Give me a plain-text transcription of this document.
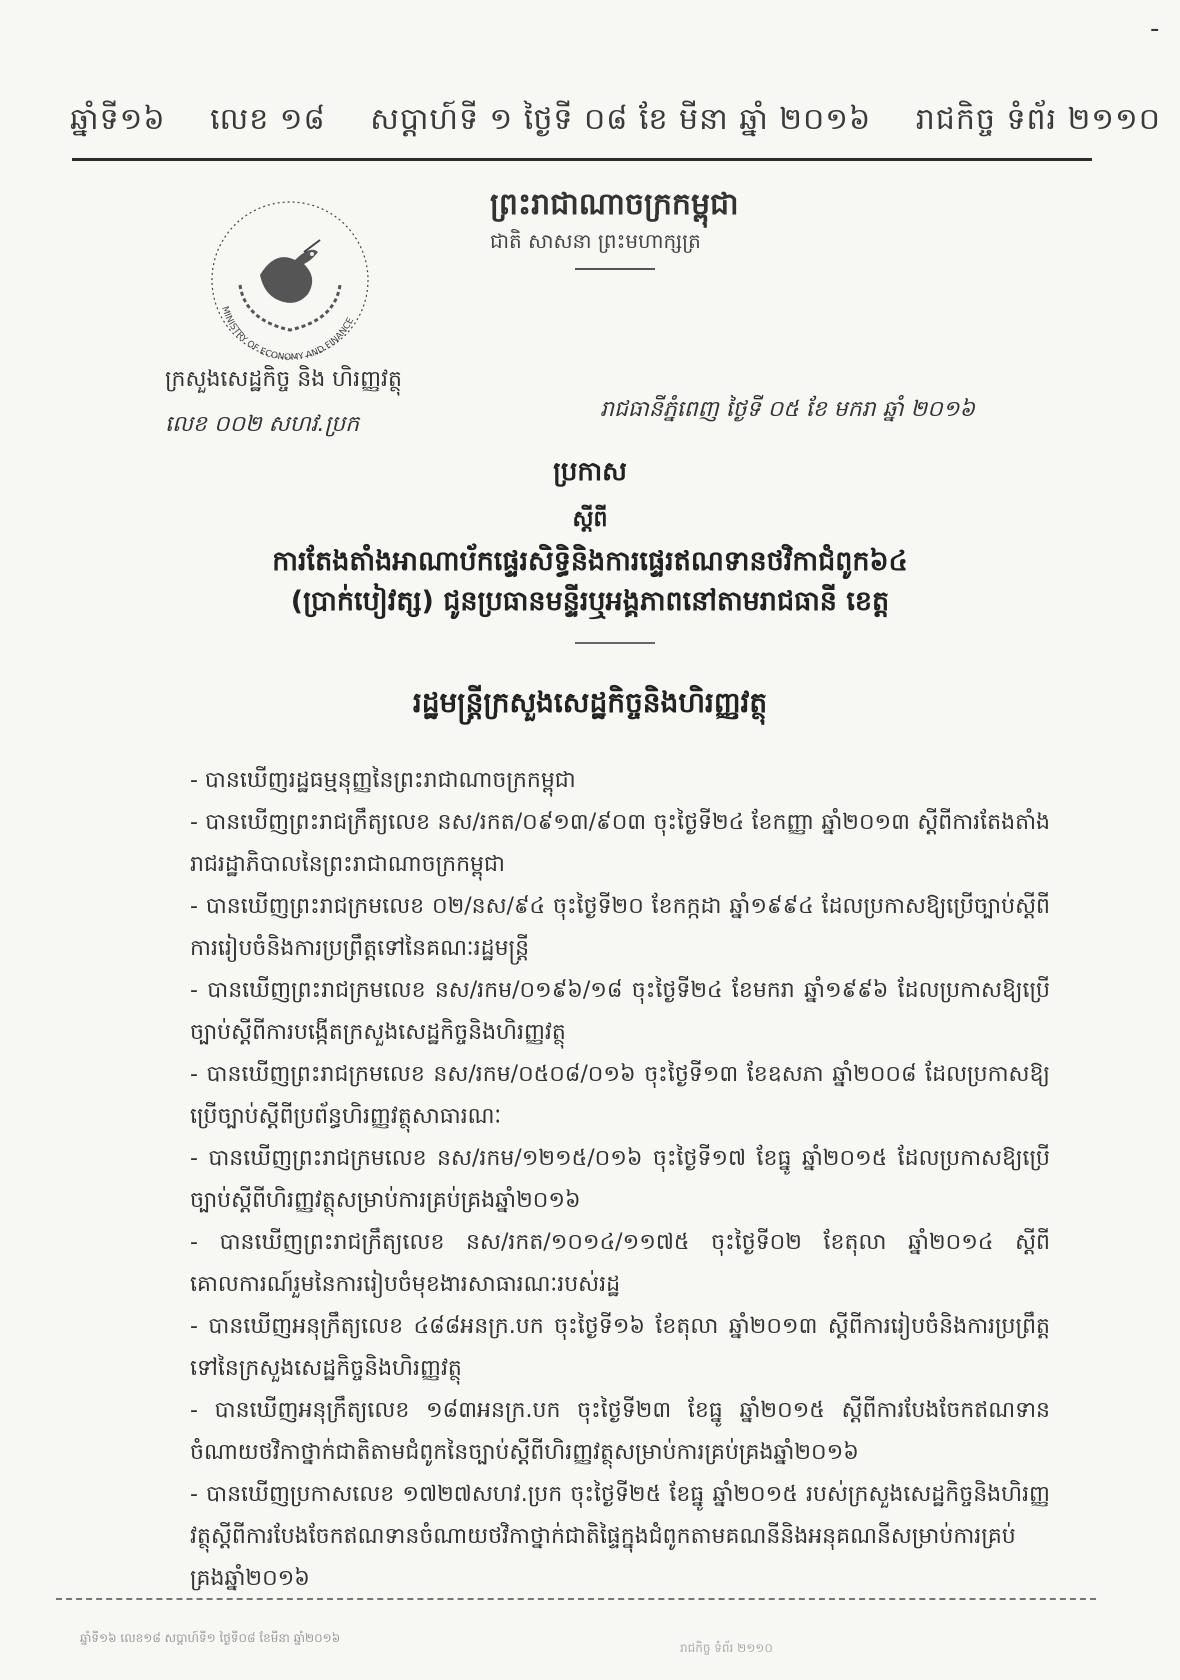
-
ឆ្នាំទី១៦ លេខ ១៨ សប្តាហ៍ទី ១ ថ្ងៃទី ០៨ ខែ មីនា ឆ្នាំ ២០១៦ រាជកិច្ច ទំព័រ ២១១០
ព្រះរាជាណាចក្រកម្ពុជា
ជាតិ សាសនា ព្រះមហាក្សត្រ
MINISTRY OF ECONOMY AND FINANCE
ក្រសួងសេដ្ឋកិច្ច និង ហិរញ្ញវត្ថុ
លេខ ០០២ សហវ.ប្រក
រាជធានីភ្នំពេញ ថ្ងៃទី ០៥ ខែ មករា ឆ្នាំ ២០១៦
ប្រកាស
ស្តីពី
ការតែងតាំងអាណាប័កផ្ទេរសិទ្ធិនិងការផ្ទេរឥណទានថវិកាជំពូក៦៤
(ប្រាក់បៀវត្ស) ជូនប្រធានមន្ទីរឬអង្គភាពនៅតាមរាជធានី ខេត្ត
រដ្ឋមន្ត្រីក្រសួងសេដ្ឋកិច្ចនិងហិរញ្ញវត្ថុ
- បានឃើញរដ្ឋធម្មនុញ្ញនៃព្រះរាជាណាចក្រកម្ពុជា
- បានឃើញព្រះរាជក្រឹត្យលេខ នស/រកត/០៩១៣/៩០៣ ចុះថ្ងៃទី២៤ ខែកញ្ញា ឆ្នាំ២០១៣ ស្តីពីការតែងតាំងរាជរដ្ឋាភិបាលនៃព្រះរាជាណាចក្រកម្ពុជា
- បានឃើញព្រះរាជក្រមលេខ ០២/នស/៩៤ ចុះថ្ងៃទី២០ ខែកក្កដា ឆ្នាំ១៩៩៤ ដែលប្រកាសឱ្យប្រើច្បាប់ស្តីពីការរៀបចំនិងការប្រព្រឹត្តទៅនៃគណៈរដ្ឋមន្ត្រី
- បានឃើញព្រះរាជក្រមលេខ នស/រកម/០១៩៦/១៨ ចុះថ្ងៃទី២៤ ខែមករា ឆ្នាំ១៩៩៦ ដែលប្រកាសឱ្យប្រើច្បាប់ស្តីពីការបង្កើតក្រសួងសេដ្ឋកិច្ចនិងហិរញ្ញវត្ថុ
- បានឃើញព្រះរាជក្រមលេខ នស/រកម/០៥០៨/០១៦ ចុះថ្ងៃទី១៣ ខែឧសភា ឆ្នាំ២០០៨ ដែលប្រកាសឱ្យប្រើច្បាប់ស្តីពីប្រព័ន្ធហិរញ្ញវត្ថុសាធារណៈ
- បានឃើញព្រះរាជក្រមលេខ នស/រកម/១២១៥/០១៦ ចុះថ្ងៃទី១៧ ខែធ្នូ ឆ្នាំ២០១៥ ដែលប្រកាសឱ្យប្រើច្បាប់ស្តីពីហិរញ្ញវត្ថុសម្រាប់ការគ្រប់គ្រងឆ្នាំ២០១៦
- បានឃើញព្រះរាជក្រឹត្យលេខ នស/រកត/១០១៤/១១៧៥ ចុះថ្ងៃទី០២ ខែតុលា ឆ្នាំ២០១៤ ស្តីពីគោលការណ៍រួមនៃការរៀបចំមុខងារសាធារណៈរបស់រដ្ឋ
- បានឃើញអនុក្រឹត្យលេខ ៤៨៨អនក្រ.បក ចុះថ្ងៃទី១៦ ខែតុលា ឆ្នាំ២០១៣ ស្តីពីការរៀបចំនិងការប្រព្រឹត្តទៅនៃក្រសួងសេដ្ឋកិច្ចនិងហិរញ្ញវត្ថុ
- បានឃើញអនុក្រឹត្យលេខ ១៨៣អនក្រ.បក ចុះថ្ងៃទី២៣ ខែធ្នូ ឆ្នាំ២០១៥ ស្តីពីការបែងចែកឥណទានចំណាយថវិកាថ្នាក់ជាតិតាមជំពូកនៃច្បាប់ស្តីពីហិរញ្ញវត្ថុសម្រាប់ការគ្រប់គ្រងឆ្នាំ២០១៦
- បានឃើញប្រកាសលេខ ១៧២៧សហវ.ប្រក ចុះថ្ងៃទី២៥ ខែធ្នូ ឆ្នាំ២០១៥ របស់ក្រសួងសេដ្ឋកិច្ចនិងហិរញ្ញវត្ថុស្តីពីការបែងចែកឥណទានចំណាយថវិកាថ្នាក់ជាតិផ្ទៃក្នុងជំពូកតាមគណនីនិងអនុគណនីសម្រាប់ការគ្រប់គ្រងឆ្នាំ២០១៦
ឆ្នាំទី១៦ លេខ១៨ សប្តាហ៍ទី១ ថ្ងៃទី០៨ ខែមីនា ឆ្នាំ២០១៦
រាជកិច្ច ទំព័រ ២១១០
